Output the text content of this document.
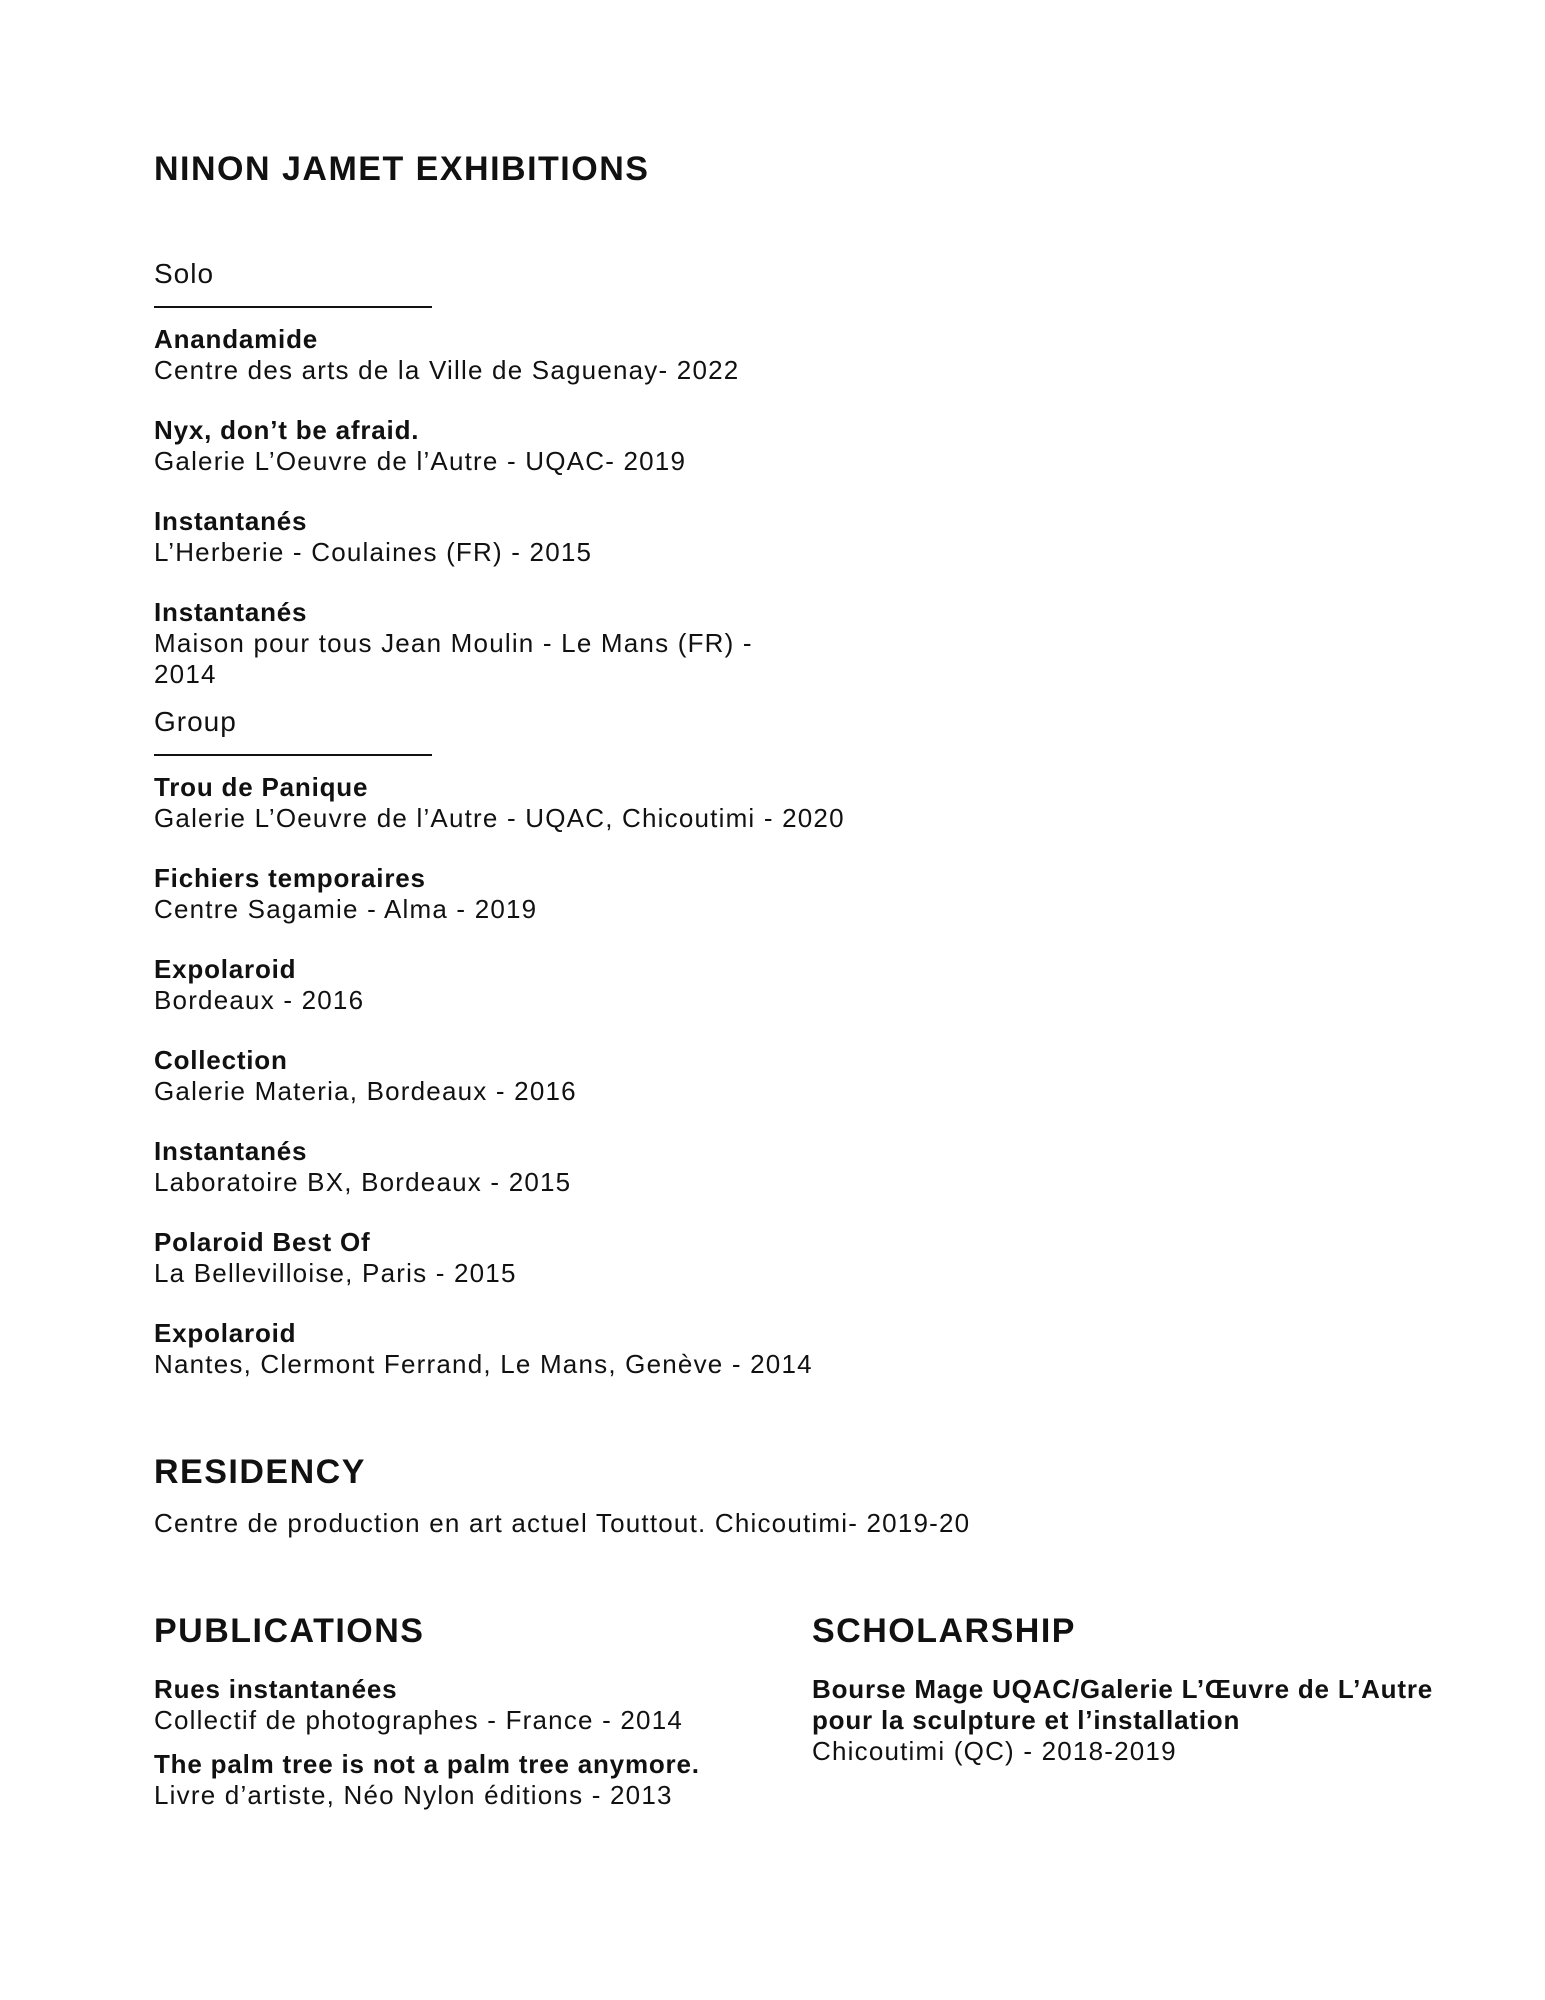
NINON JAMET EXHIBITIONS
Solo
Anandamide
Centre des arts de la Ville de Saguenay- 2022
Nyx, don’t be afraid.
Galerie L’Oeuvre de l’Autre - UQAC- 2019
Instantanés
L’Herberie - Coulaines (FR) - 2015
Instantanés
Maison pour tous Jean Moulin - Le Mans (FR) - 2014
Group
Trou de Panique
Galerie L’Oeuvre de l’Autre - UQAC, Chicoutimi - 2020
Fichiers temporaires
Centre Sagamie - Alma - 2019
Expolaroid
Bordeaux - 2016
Collection
Galerie Materia, Bordeaux - 2016
Instantanés
Laboratoire BX, Bordeaux - 2015
Polaroid Best Of
La Bellevilloise, Paris - 2015
Expolaroid
Nantes, Clermont Ferrand, Le Mans, Genève - 2014
RESIDENCY

Centre de production en art actuel Touttout. Chicoutimi- 2019-20

PUBLICATIONS
Rues instantanées
Collectif de photographes - France - 2014
The palm tree is not a palm tree anymore.
Livre d’artiste, Néo Nylon éditions - 2013
SCHOLARSHIP
Bourse Mage UQAC/Galerie L’Œuvre de L’Autre
pour la sculpture et l’installation
Chicoutimi (QC) - 2018-2019
